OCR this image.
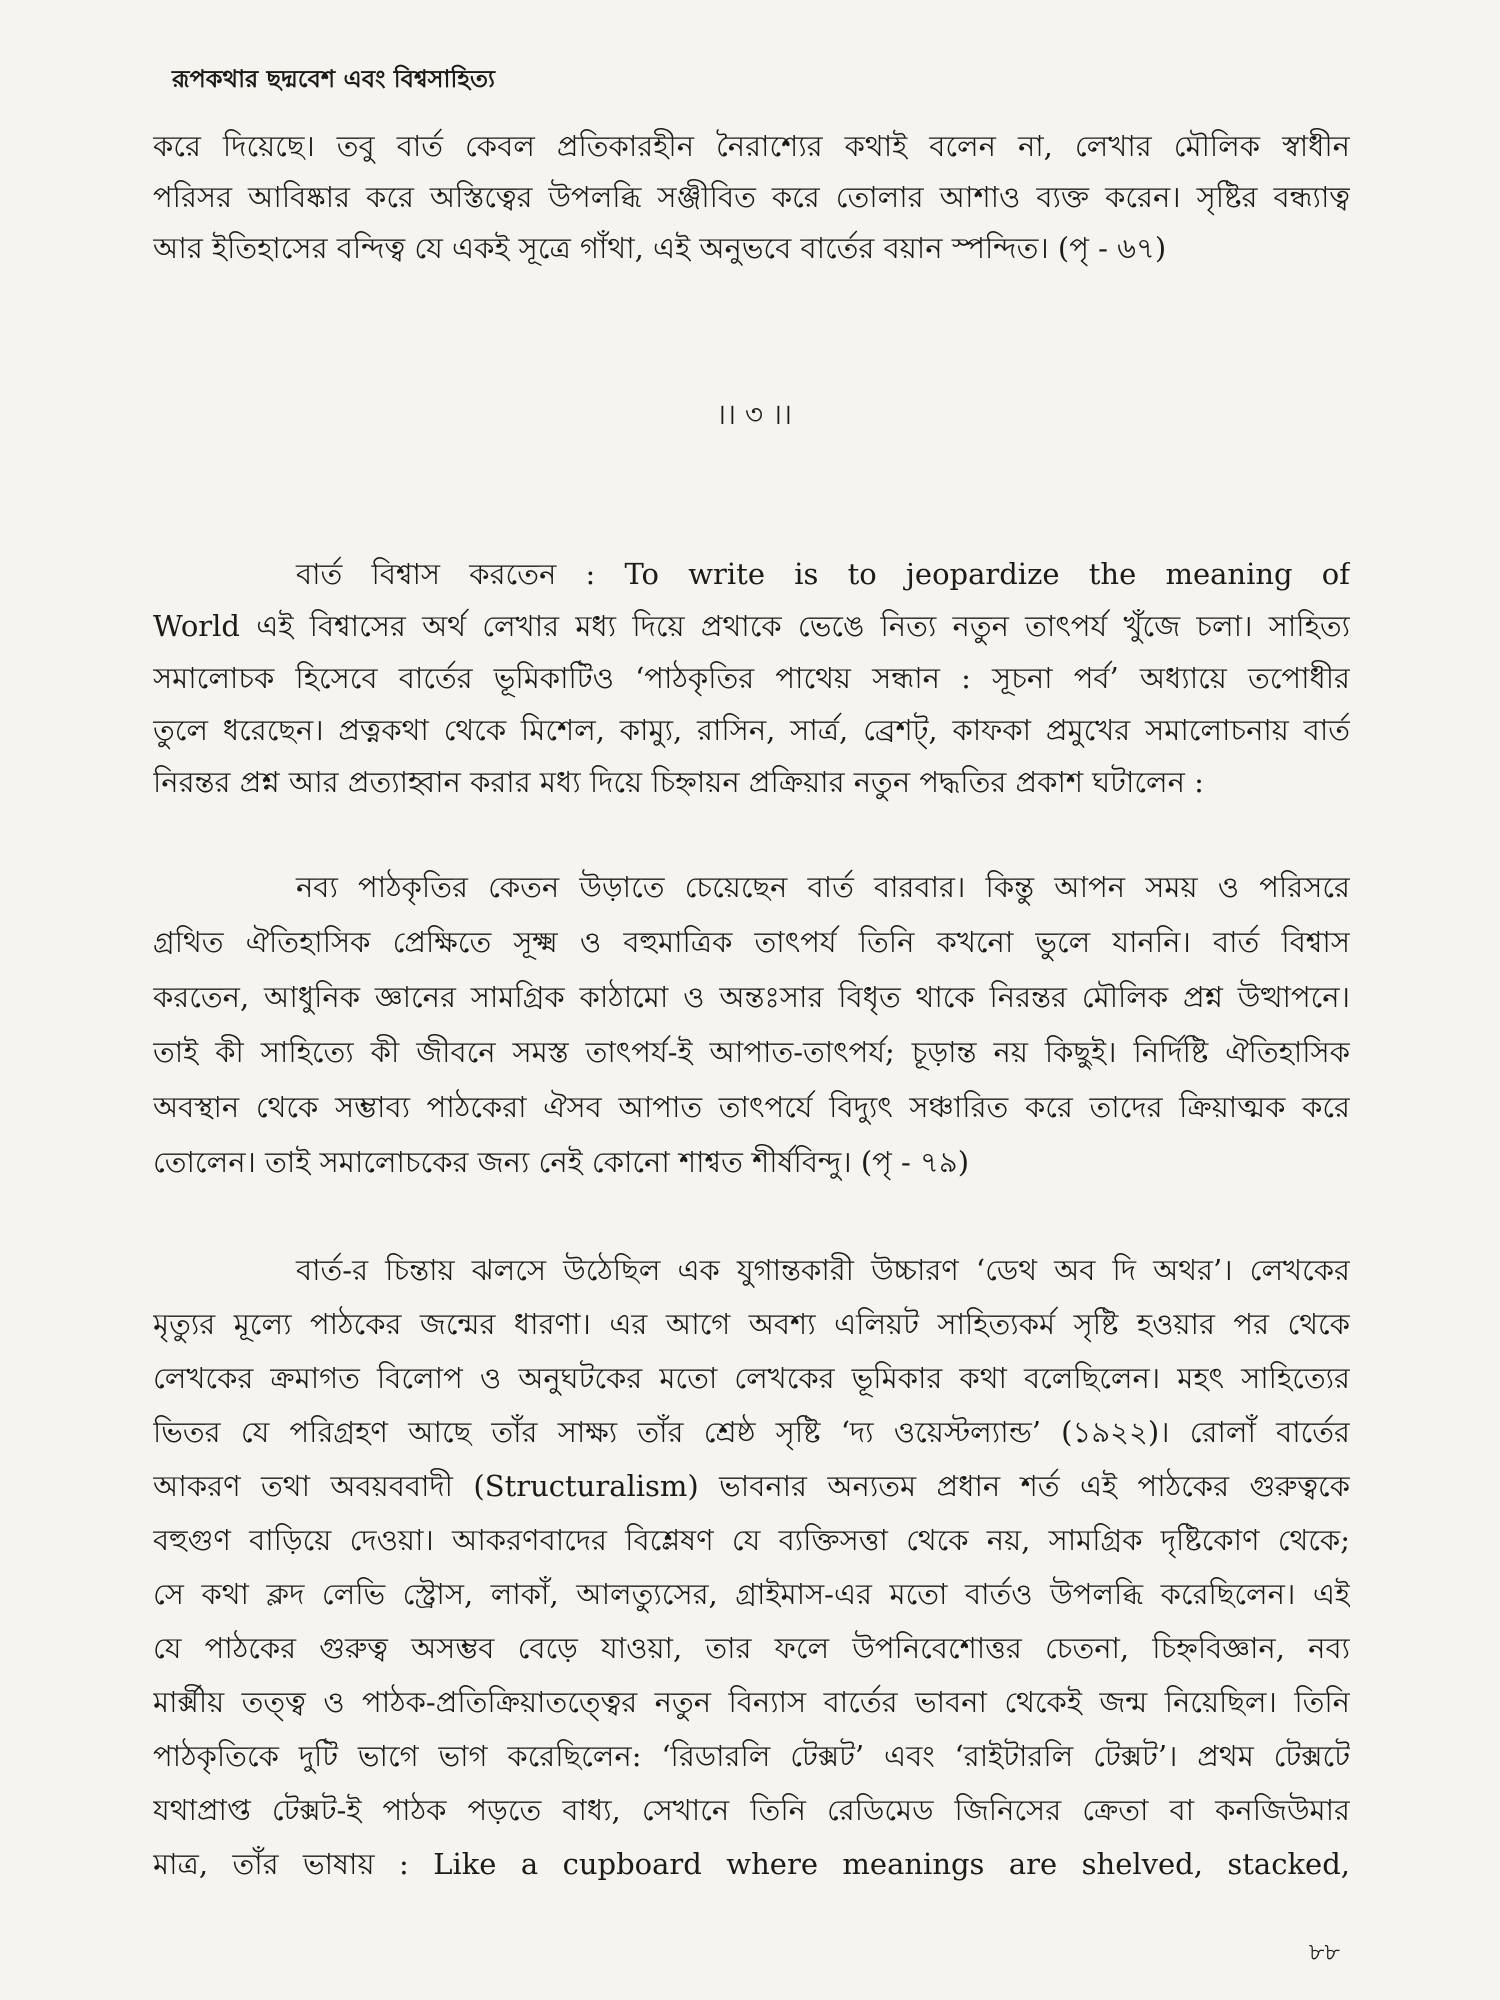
রূপকথার ছদ্মবেশ এবং বিশ্বসাহিত্য
করে দিয়েছে। তবু বার্ত কেবল প্রতিকারহীন নৈরাশ্যের কথাই বলেন না, লেখার মৌলিক স্বাধীন
পরিসর আবিষ্কার করে অস্তিত্বের উপলব্ধি সঞ্জীবিত করে তোলার আশাও ব্যক্ত করেন। সৃষ্টির বন্ধ্যাত্ব
আর ইতিহাসের বন্দিত্ব যে একই সূত্রে গাঁথা, এই অনুভবে বার্তের বয়ান স্পন্দিত। (পৃ - ৬৭)
।। ৩ ।।
বার্ত বিশ্বাস করতেন : To write is to jeopardize the meaning of
World এই বিশ্বাসের অর্থ লেখার মধ্য দিয়ে প্রথাকে ভেঙে নিত্য নতুন তাৎপর্য খুঁজে চলা। সাহিত্য
সমালোচক হিসেবে বার্তের ভূমিকাটিও ‘পাঠকৃতির পাথেয় সন্ধান : সূচনা পর্ব’ অধ্যায়ে তপোধীর
তুলে ধরেছেন। প্রত্নকথা থেকে মিশেল, কাম্যু, রাসিন, সার্ত্র, ব্রেশট্, কাফকা প্রমুখের সমালোচনায় বার্ত
নিরন্তর প্রশ্ন আর প্রত্যাহ্বান করার মধ্য দিয়ে চিহ্নায়ন প্রক্রিয়ার নতুন পদ্ধতির প্রকাশ ঘটালেন :
নব্য পাঠকৃতির কেতন উড়াতে চেয়েছেন বার্ত বারবার। কিন্তু আপন সময় ও পরিসরে
গ্রথিত ঐতিহাসিক প্রেক্ষিতে সূক্ষ্ম ও বহুমাত্রিক তাৎপর্য তিনি কখনো ভুলে যাননি। বার্ত বিশ্বাস
করতেন, আধুনিক জ্ঞানের সামগ্রিক কাঠামো ও অন্তঃসার বিধৃত থাকে নিরন্তর মৌলিক প্রশ্ন উত্থাপনে।
তাই কী সাহিত্যে কী জীবনে সমস্ত তাৎপর্য-ই আপাত-তাৎপর্য; চূড়ান্ত নয় কিছুই। নির্দিষ্টি ঐতিহাসিক
অবস্থান থেকে সম্ভাব্য পাঠকেরা ঐসব আপাত তাৎপর্যে বিদ্যুৎ সঞ্চারিত করে তাদের ক্রিয়াত্মক করে
তোলেন। তাই সমালোচকের জন্য নেই কোনো শাশ্বত শীর্ষবিন্দু। (পৃ - ৭৯)
বার্ত-র চিন্তায় ঝলসে উঠেছিল এক যুগান্তকারী উচ্চারণ ‘ডেথ অব দি অথর’। লেখকের
মৃত্যুর মূল্যে পাঠকের জন্মের ধারণা। এর আগে অবশ্য এলিয়ট সাহিত্যকর্ম সৃষ্টি হওয়ার পর থেকে
লেখকের ক্রমাগত বিলোপ ও অনুঘটকের মতো লেখকের ভূমিকার কথা বলেছিলেন। মহৎ সাহিত্যের
ভিতর যে পরিগ্রহণ আছে তাঁর সাক্ষ্য তাঁর শ্রেষ্ঠ সৃষ্টি ‘দ্য ওয়েস্টল্যান্ড’ (১৯২২)। রোলাঁ বার্তের
আকরণ তথা অবয়ববাদী (Structuralism) ভাবনার অন্যতম প্রধান শর্ত এই পাঠকের গুরুত্বকে
বহুগুণ বাড়িয়ে দেওয়া। আকরণবাদের বিশ্লেষণ যে ব্যক্তিসত্তা থেকে নয়, সামগ্রিক দৃষ্টিকোণ থেকে;
সে কথা ক্লদ লেভি স্ট্রোস, লাকাঁ, আলত্যুসের, গ্রাইমাস-এর মতো বার্তও উপলব্ধি করেছিলেন। এই
যে পাঠকের গুরুত্ব অসম্ভব বেড়ে যাওয়া, তার ফলে উপনিবেশোত্তর চেতনা, চিহ্নবিজ্ঞান, নব্য
মার্ক্সীয় তত্ত্ব ও পাঠক-প্রতিক্রিয়াতত্ত্বের নতুন বিন্যাস বার্তের ভাবনা থেকেই জন্ম নিয়েছিল। তিনি
পাঠকৃতিকে দুটি ভাগে ভাগ করেছিলেন: ‘রিডারলি টেক্সট’ এবং ‘রাইটারলি টেক্সট’। প্রথম টেক্সটে
যথাপ্রাপ্ত টেক্সট-ই পাঠক পড়তে বাধ্য, সেখানে তিনি রেডিমেড জিনিসের ক্রেতা বা কনজিউমার
মাত্র, তাঁর ভাষায় : Like a cupboard where meanings are shelved, stacked,
৮৮
